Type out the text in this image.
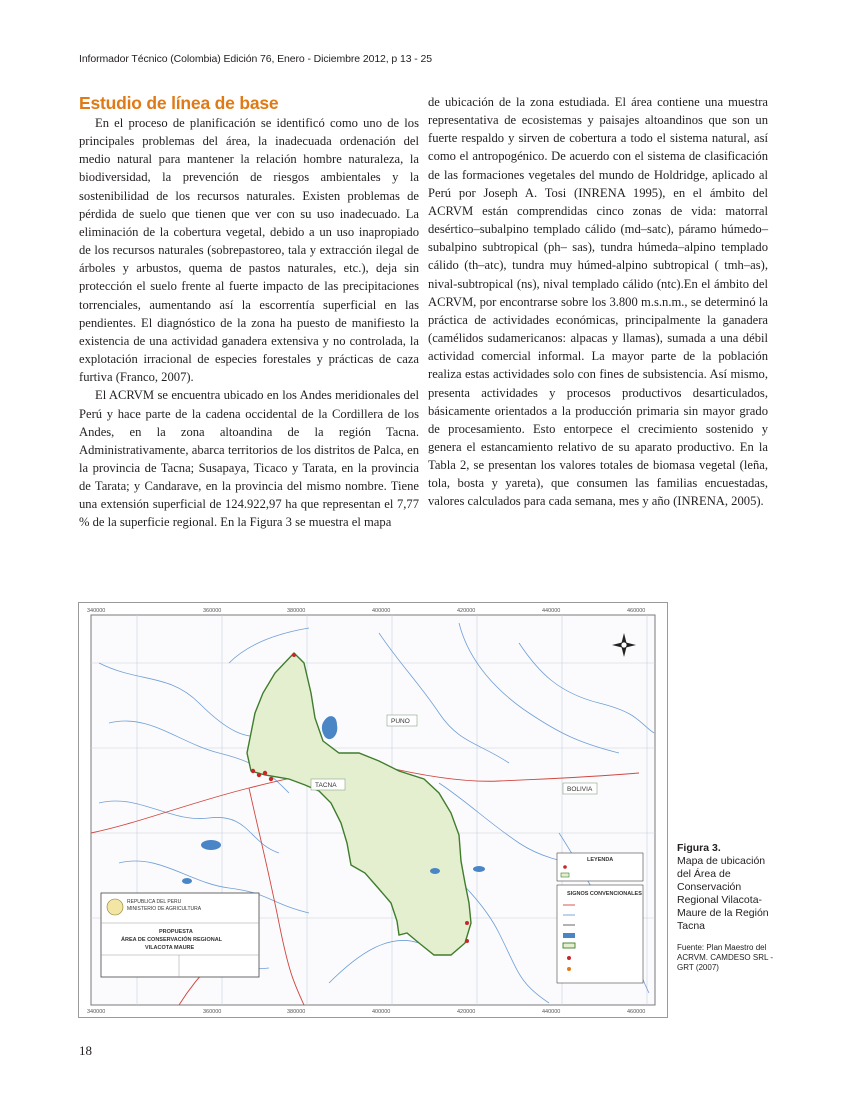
Informador Técnico (Colombia) Edición 76, Enero - Diciembre 2012, p 13 - 25
Estudio de línea de base

En el proceso de planificación se identificó como uno de los principales problemas del área, la inadecuada ordenación del medio natural para mantener la relación hombre naturaleza, la biodiversidad, la prevención de riesgos ambientales y la sostenibilidad de los recursos naturales. Existen problemas de pérdida de suelo que tienen que ver con su uso inadecuado. La eliminación de la cobertura vegetal, debido a un uso inapropiado de los recursos naturales (sobrepastoreo, tala y extracción ilegal de árboles y arbustos, quema de pastos naturales, etc.), deja sin protección el suelo frente al fuerte impacto de las precipitaciones torrenciales, aumentando así la escorrentía superficial en las pendientes. El diagnóstico de la zona ha puesto de manifiesto la existencia de una actividad ganadera extensiva y no controlada, la explotación irracional de especies forestales y prácticas de caza furtiva (Franco, 2007).

El ACRVM se encuentra ubicado en los Andes meridionales del Perú y hace parte de la cadena occidental de la Cordillera de los Andes, en la zona altoandina de la región Tacna. Administrativamente, abarca territorios de los distritos de Palca, en la provincia de Tacna; Susapaya, Ticaco y Tarata, en la provincia de Tarata; y Candarave, en la provincia del mismo nombre. Tiene una extensión superficial de 124.922,97 ha que representan el 7,77 % de la superficie regional. En la Figura 3 se muestra el mapa

de ubicación de la zona estudiada. El área contiene una muestra representativa de ecosistemas y paisajes altoandinos que son un fuerte respaldo y sirven de cobertura a todo el sistema natural, así como el antropogénico. De acuerdo con el sistema de clasificación de las formaciones vegetales del mundo de Holdridge, aplicado al Perú por Joseph A. Tosi (INRENA 1995), en el ámbito del ACRVM están comprendidas cinco zonas de vida: matorral desértico–subalpino templado cálido (md–satc), páramo húmedo–subalpino subtropical (ph– sas), tundra húmeda–alpino templado cálido (th–atc), tundra muy húmed-alpino subtropical ( tmh–as), nival-subtropical (ns), nival templado cálido (ntc).En el ámbito del ACRVM, por encontrarse sobre los 3.800 m.s.n.m., se determinó la práctica de actividades económicas, principalmente la ganadera (camélidos sudamericanos: alpacas y llamas), sumada a una débil actividad comercial informal. La mayor parte de la población realiza estas actividades solo con fines de subsistencia. Así mismo, presenta actividades y procesos productivos desarticulados, básicamente orientados a la producción primaria sin mayor grado de procesamiento. Esto entorpece el crecimiento sostenido y genera el estancamiento relativo de su aparato productivo. En la Tabla 2, se presentan los valores totales de biomasa vegetal (leña, tola, bosta y yareta), que consumen las familias encuestadas, valores calculados para cada semana, mes y año (INRENA, 2005).

PUNO
TACNA
BOLIVIA
340000	360000	380000	400000	420000	440000	460000
340000	360000	380000	400000	420000	440000	460000
REPUBLICA DEL PERU
MINISTERIO DE AGRICULTURA
PROPUESTA
ÁREA DE CONSERVACIÓN REGIONAL
VILACOTA MAURE
LEYENDA
SIGNOS CONVENCIONALES
Figura 3.
Mapa de ubicación del Área de Conservación Regional Vilacota-Maure de la Región Tacna
Fuente: Plan Maestro del ACRVM. CAMDESO SRL - GRT (2007)
18
